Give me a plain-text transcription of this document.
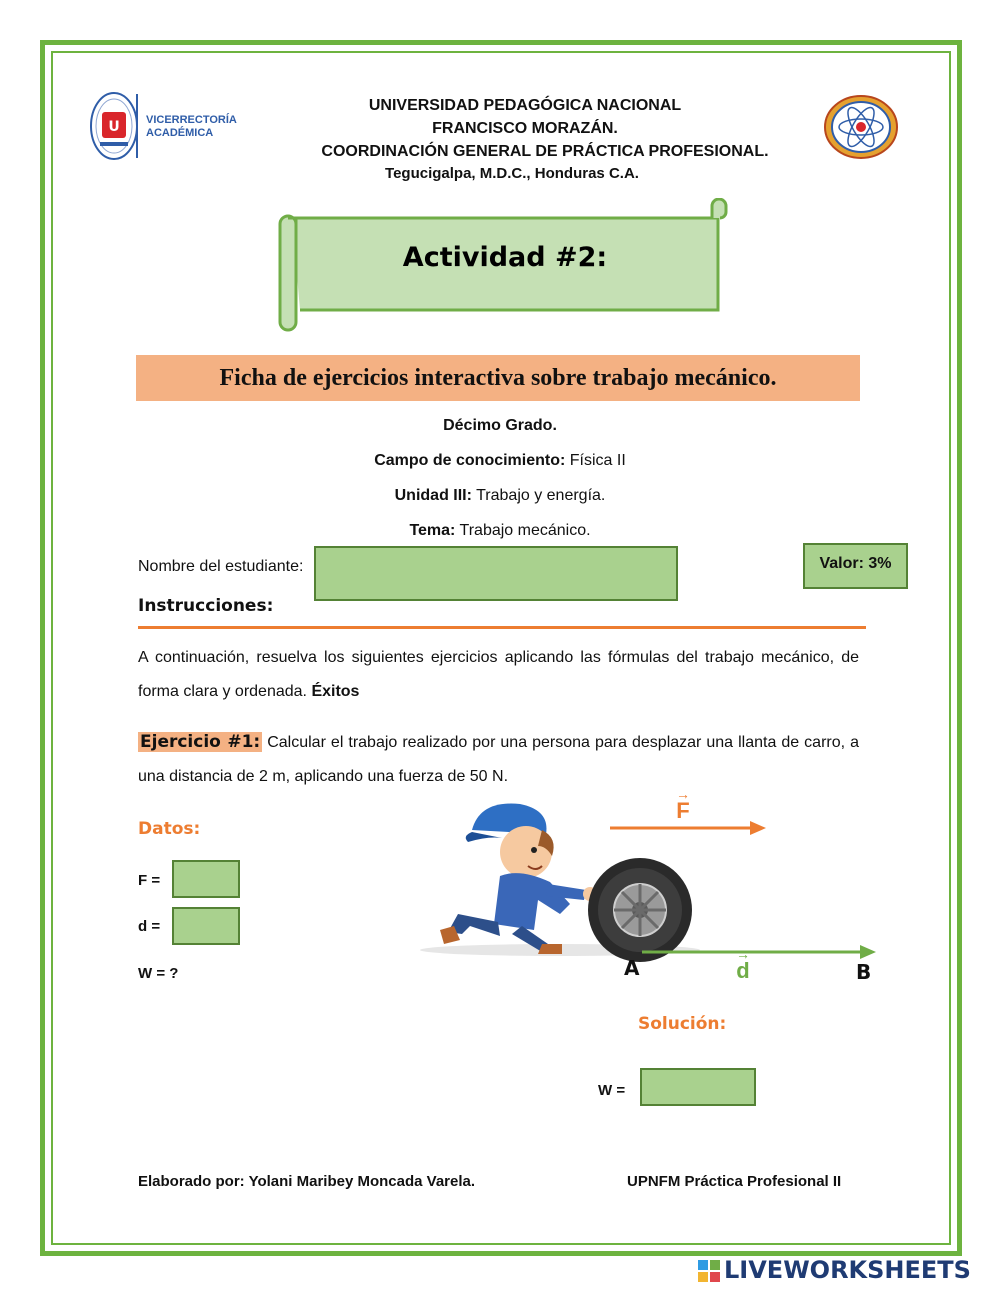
U VICERRECTORÍA
ACADÉMICA
UNIVERSIDAD PEDAGÓGICA NACIONAL
FRANCISCO MORAZÁN.
COORDINACIÓN GENERAL DE PRÁCTICA PROFESIONAL.
Tegucigalpa, M.D.C., Honduras C.A.
Actividad #2:
Ficha de ejercicios interactiva sobre trabajo mecánico.
Décimo Grado.
Campo de conocimiento: Física II
Unidad III: Trabajo y energía.
Tema: Trabajo mecánico.
Nombre del estudiante:	Valor: 3%
Instrucciones:
A continuación, resuelva los siguientes ejercicios aplicando las fórmulas del trabajo mecánico, de forma clara y ordenada. Éxitos
Ejercicio #1: Calcular el trabajo realizado por una persona para desplazar una llanta de carro, a una distancia de 2 m, aplicando una fuerza de 50 N.
Datos:
F =
d =
W = ?
→
F
→
d
A	B
Solución:
W =
Elaborado por: Yolani Maribey Moncada Varela.	UPNFM Práctica Profesional II
LIVEWORKSHEETS
